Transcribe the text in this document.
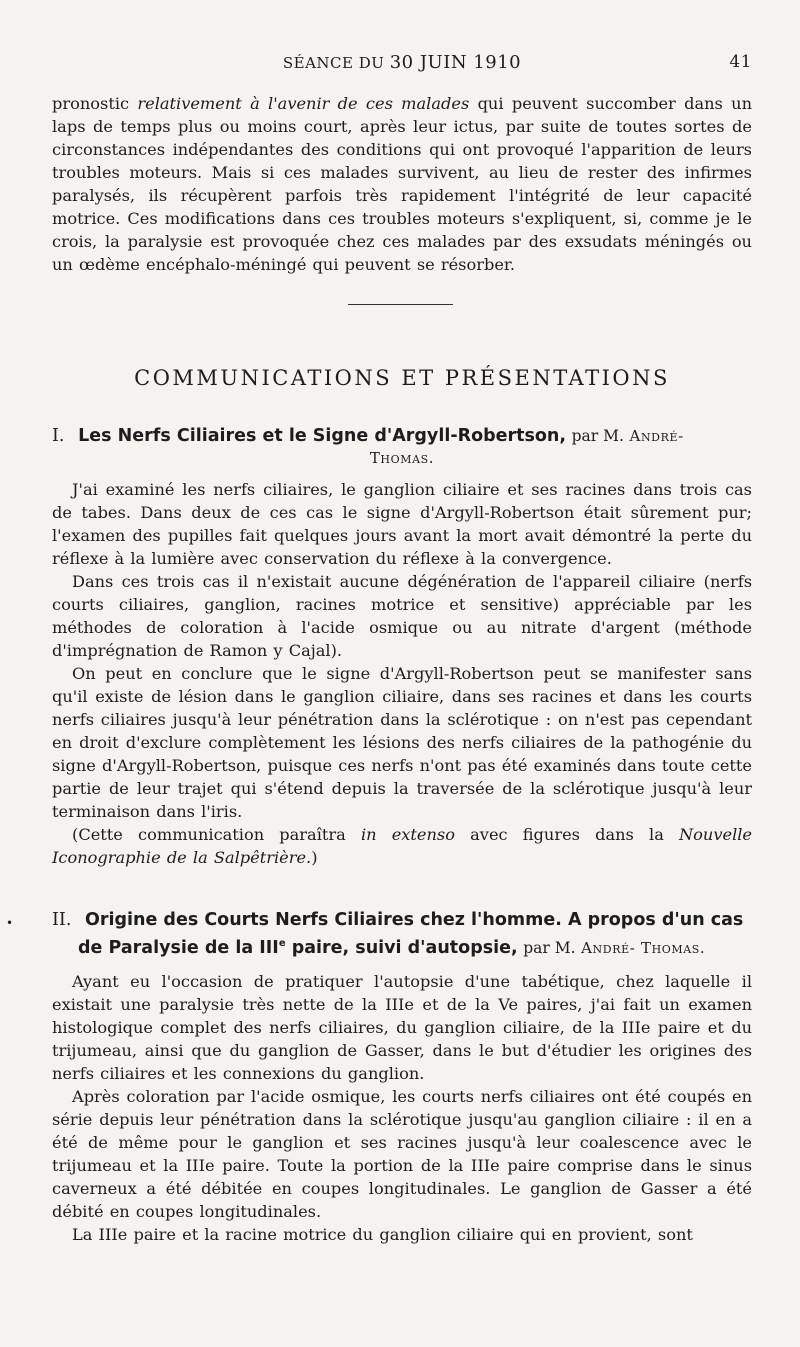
SÉANCE DU 30 JUIN 1910	41

pronostic relativement à l'avenir de ces malades qui peuvent succomber dans un laps de temps plus ou moins court, après leur ictus, par suite de toutes sortes de circonstances indépendantes des conditions qui ont provoqué l'apparition de leurs troubles moteurs. Mais si ces malades survivent, au lieu de rester des infirmes paralysés, ils récupèrent parfois très rapidement l'intégrité de leur capacité motrice. Ces modifications dans ces troubles moteurs s'expliquent, si, comme je le crois, la paralysie est provoquée chez ces malades par des exsudats méningés ou un œdème encéphalo-méningé qui peuvent se résorber.

COMMUNICATIONS ET PRÉSENTATIONS
I. Les Nerfs Ciliaires et le Signe d'Argyll-Robertson, par M. André-
Thomas.

J'ai examiné les nerfs ciliaires, le ganglion ciliaire et ses racines dans trois cas de tabes. Dans deux de ces cas le signe d'Argyll-Robertson était sûrement pur; l'examen des pupilles fait quelques jours avant la mort avait démontré la perte du réflexe à la lumière avec conservation du réflexe à la convergence.

Dans ces trois cas il n'existait aucune dégénération de l'appareil ciliaire (nerfs courts ciliaires, ganglion, racines motrice et sensitive) appréciable par les méthodes de coloration à l'acide osmique ou au nitrate d'argent (méthode d'imprégnation de Ramon y Cajal).

On peut en conclure que le signe d'Argyll-Robertson peut se manifester sans qu'il existe de lésion dans le ganglion ciliaire, dans ses racines et dans les courts nerfs ciliaires jusqu'à leur pénétration dans la sclérotique : on n'est pas cependant en droit d'exclure complètement les lésions des nerfs ciliaires de la pathogénie du signe d'Argyll-Robertson, puisque ces nerfs n'ont pas été examinés dans toute cette partie de leur trajet qui s'étend depuis la traversée de la sclérotique jusqu'à leur terminaison dans l'iris.

(Cette communication paraîtra in extenso avec figures dans la Nouvelle Iconographie de la Salpêtrière.)

• II. Origine des Courts Nerfs Ciliaires chez l'homme. A propos d'un cas de Paralysie de la IIIe paire, suivi d'autopsie, par M. André- Thomas.

Ayant eu l'occasion de pratiquer l'autopsie d'une tabétique, chez laquelle il existait une paralysie très nette de la IIIe et de la Ve paires, j'ai fait un examen histologique complet des nerfs ciliaires, du ganglion ciliaire, de la IIIe paire et du trijumeau, ainsi que du ganglion de Gasser, dans le but d'étudier les origines des nerfs ciliaires et les connexions du ganglion.

Après coloration par l'acide osmique, les courts nerfs ciliaires ont été coupés en série depuis leur pénétration dans la sclérotique jusqu'au ganglion ciliaire : il en a été de même pour le ganglion et ses racines jusqu'à leur coalescence avec le trijumeau et la IIIe paire. Toute la portion de la IIIe paire comprise dans le sinus caverneux a été débitée en coupes longitudinales. Le ganglion de Gasser a été débité en coupes longitudinales.

La IIIe paire et la racine motrice du ganglion ciliaire qui en provient, sont
